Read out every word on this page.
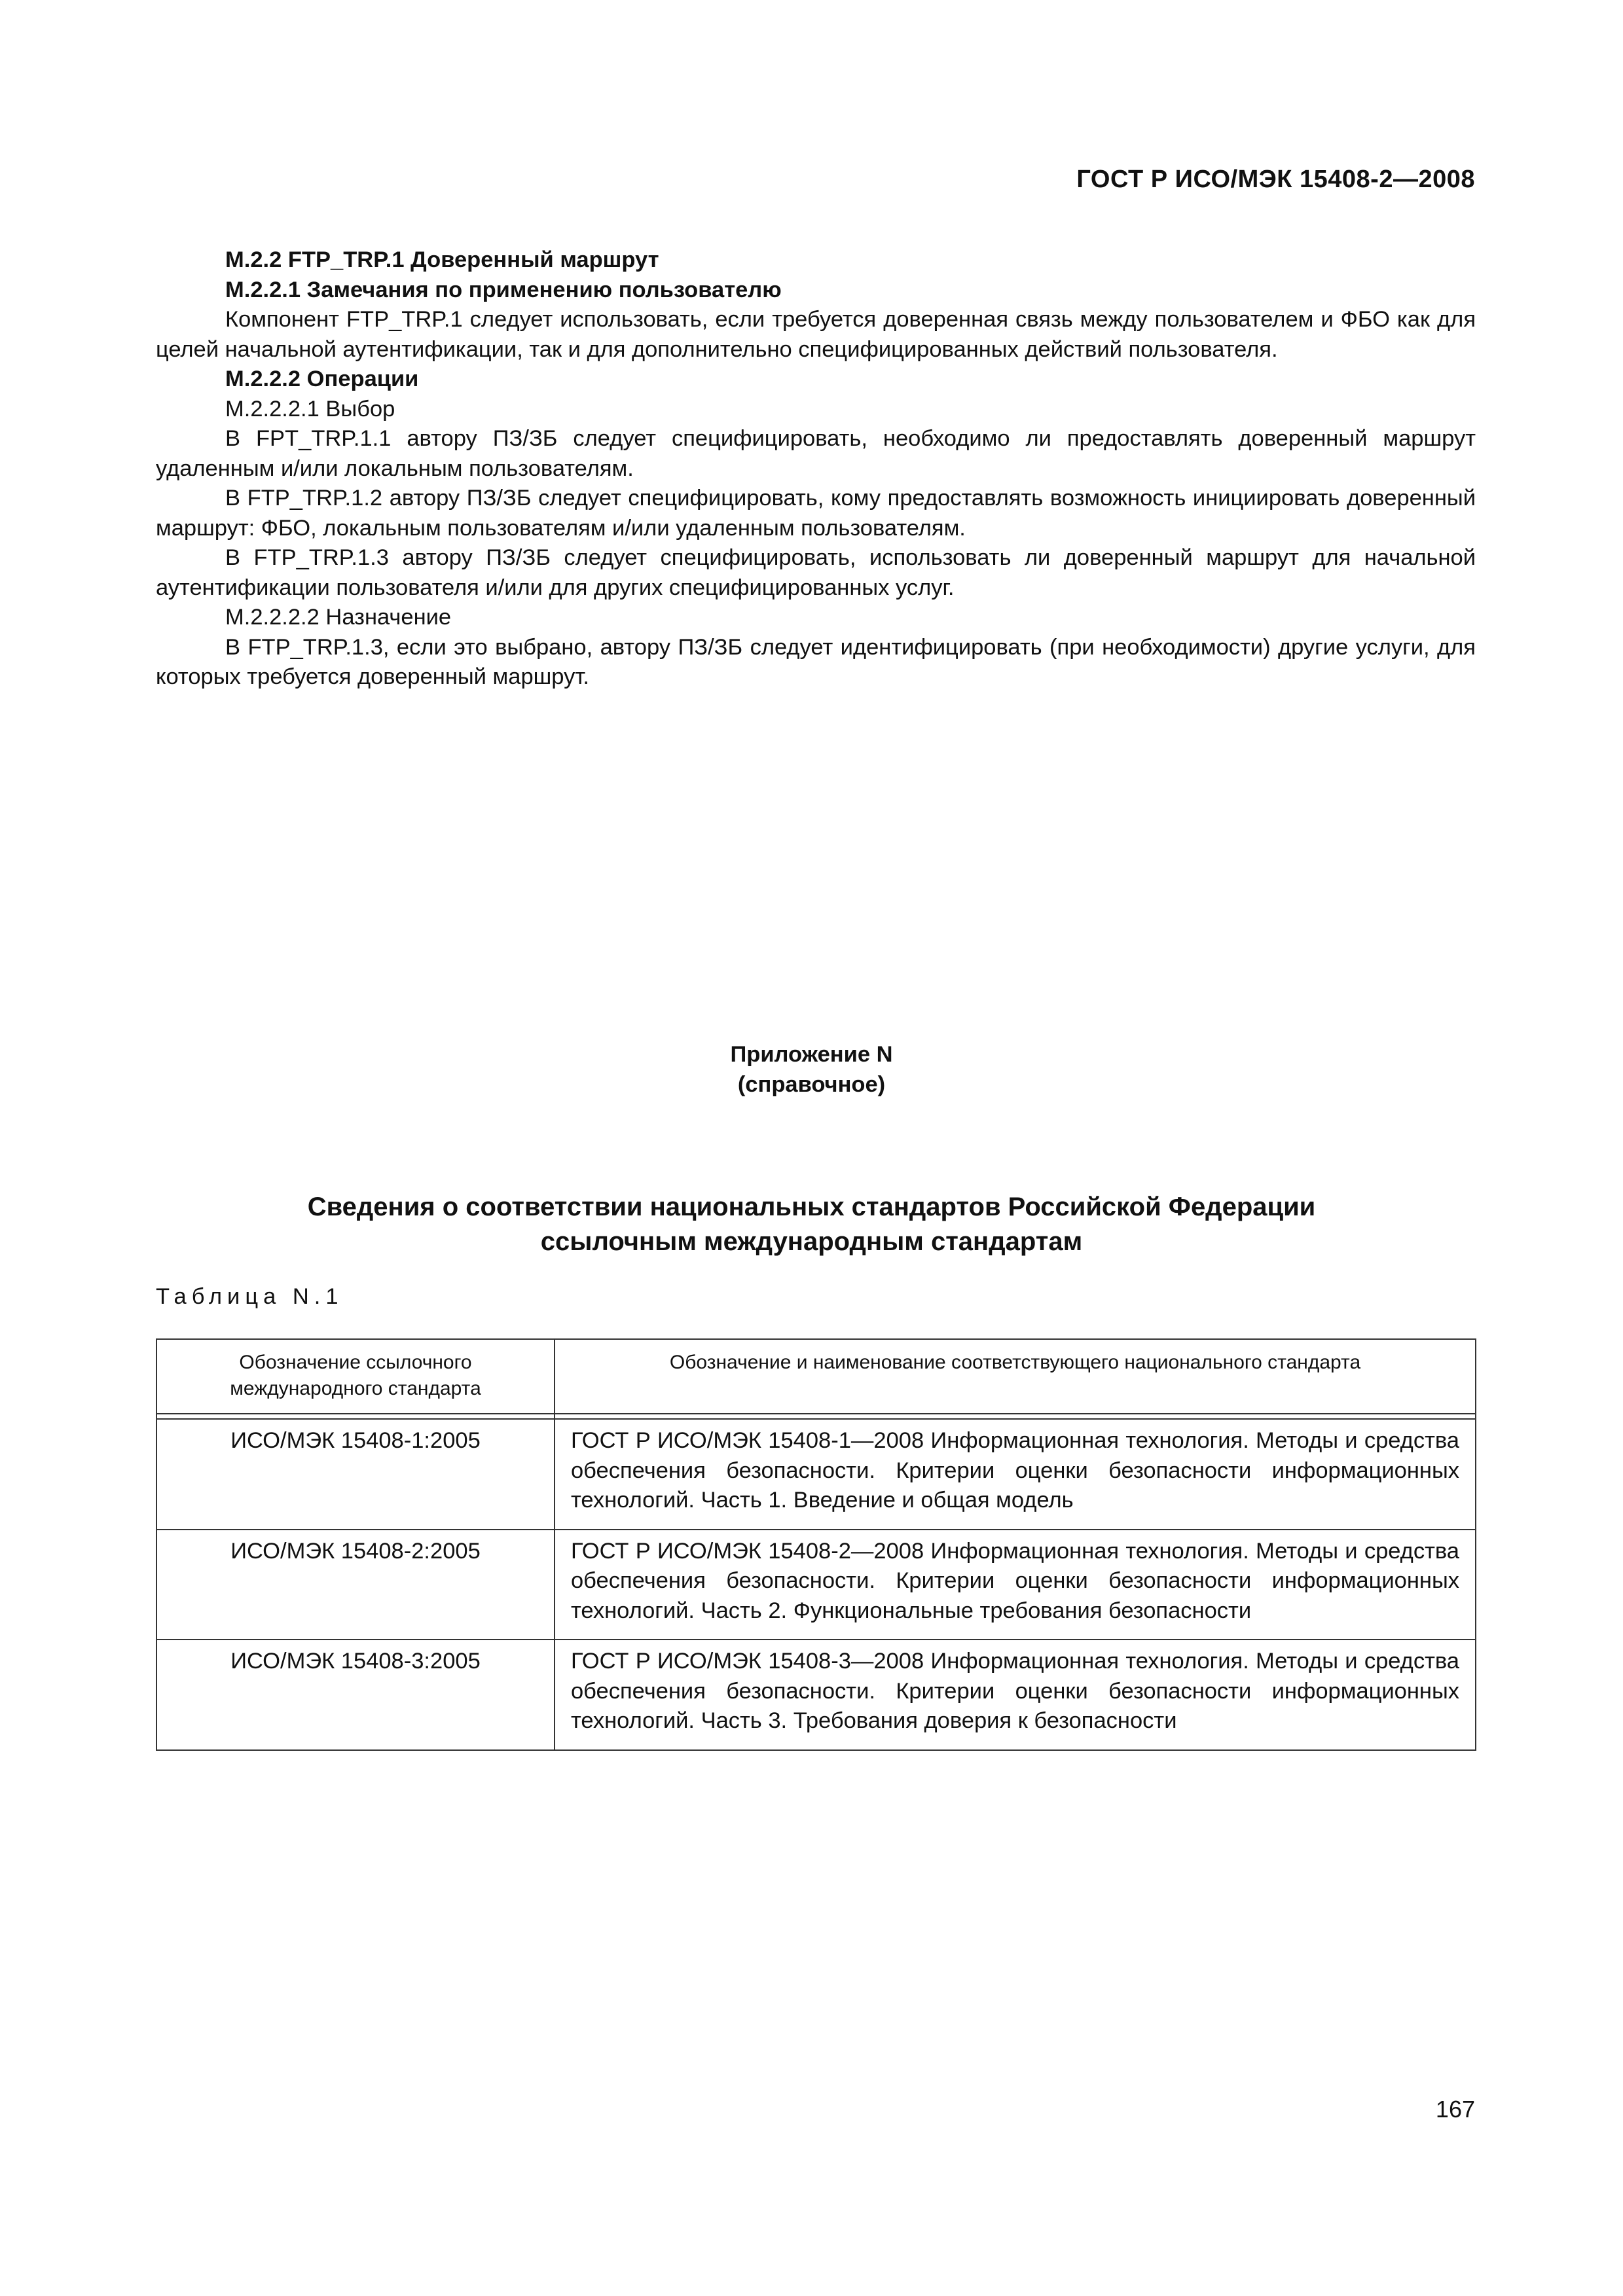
ГОСТ Р ИСО/МЭК 15408-2—2008

M.2.2 FTP_TRP.1 Доверенный маршрут

M.2.2.1 Замечания по применению пользователю

Компонент FTP_TRP.1 следует использовать, если требуется доверенная связь между пользователем и ФБО как для целей начальной аутентификации, так и для дополнительно специфицированных действий пользователя.

M.2.2.2 Операции

M.2.2.2.1 Выбор

В FPT_TRP.1.1 автору ПЗ/ЗБ следует специфицировать, необходимо ли предоставлять доверенный маршрут удаленным и/или локальным пользователям.

В FTP_TRP.1.2 автору ПЗ/ЗБ следует специфицировать, кому предоставлять возможность инициировать доверенный маршрут: ФБО, локальным пользователям и/или удаленным пользователям.

В FTP_TRP.1.3 автору ПЗ/ЗБ следует специфицировать, использовать ли доверенный маршрут для начальной аутентификации пользователя и/или для других специфицированных услуг.

M.2.2.2.2 Назначение

В FTP_TRP.1.3, если это выбрано, автору ПЗ/ЗБ следует идентифицировать (при необходимости) другие услуги, для которых требуется доверенный маршрут.

Приложение N
(справочное)
Сведения о соответствии национальных стандартов Российской Федерации
ссылочным международным стандартам
Таблица N.1
Обозначение ссылочного международного стандарта	Обозначение и наименование соответствующего национального стандарта

ИСО/МЭК 15408-1:2005	ГОСТ Р ИСО/МЭК 15408-1—2008 Информационная технология. Методы и средства обеспечения безопасности. Критерии оценки безопасности информационных технологий. Часть 1. Введение и общая модель
ИСО/МЭК 15408-2:2005	ГОСТ Р ИСО/МЭК 15408-2—2008 Информационная технология. Методы и средства обеспечения безопасности. Критерии оценки безопасности информационных технологий. Часть 2. Функциональные требования безопасности
ИСО/МЭК 15408-3:2005	ГОСТ Р ИСО/МЭК 15408-3—2008 Информационная технология. Методы и средства обеспечения безопасности. Критерии оценки безопасности информационных технологий. Часть 3. Требования доверия к безопасности
167
